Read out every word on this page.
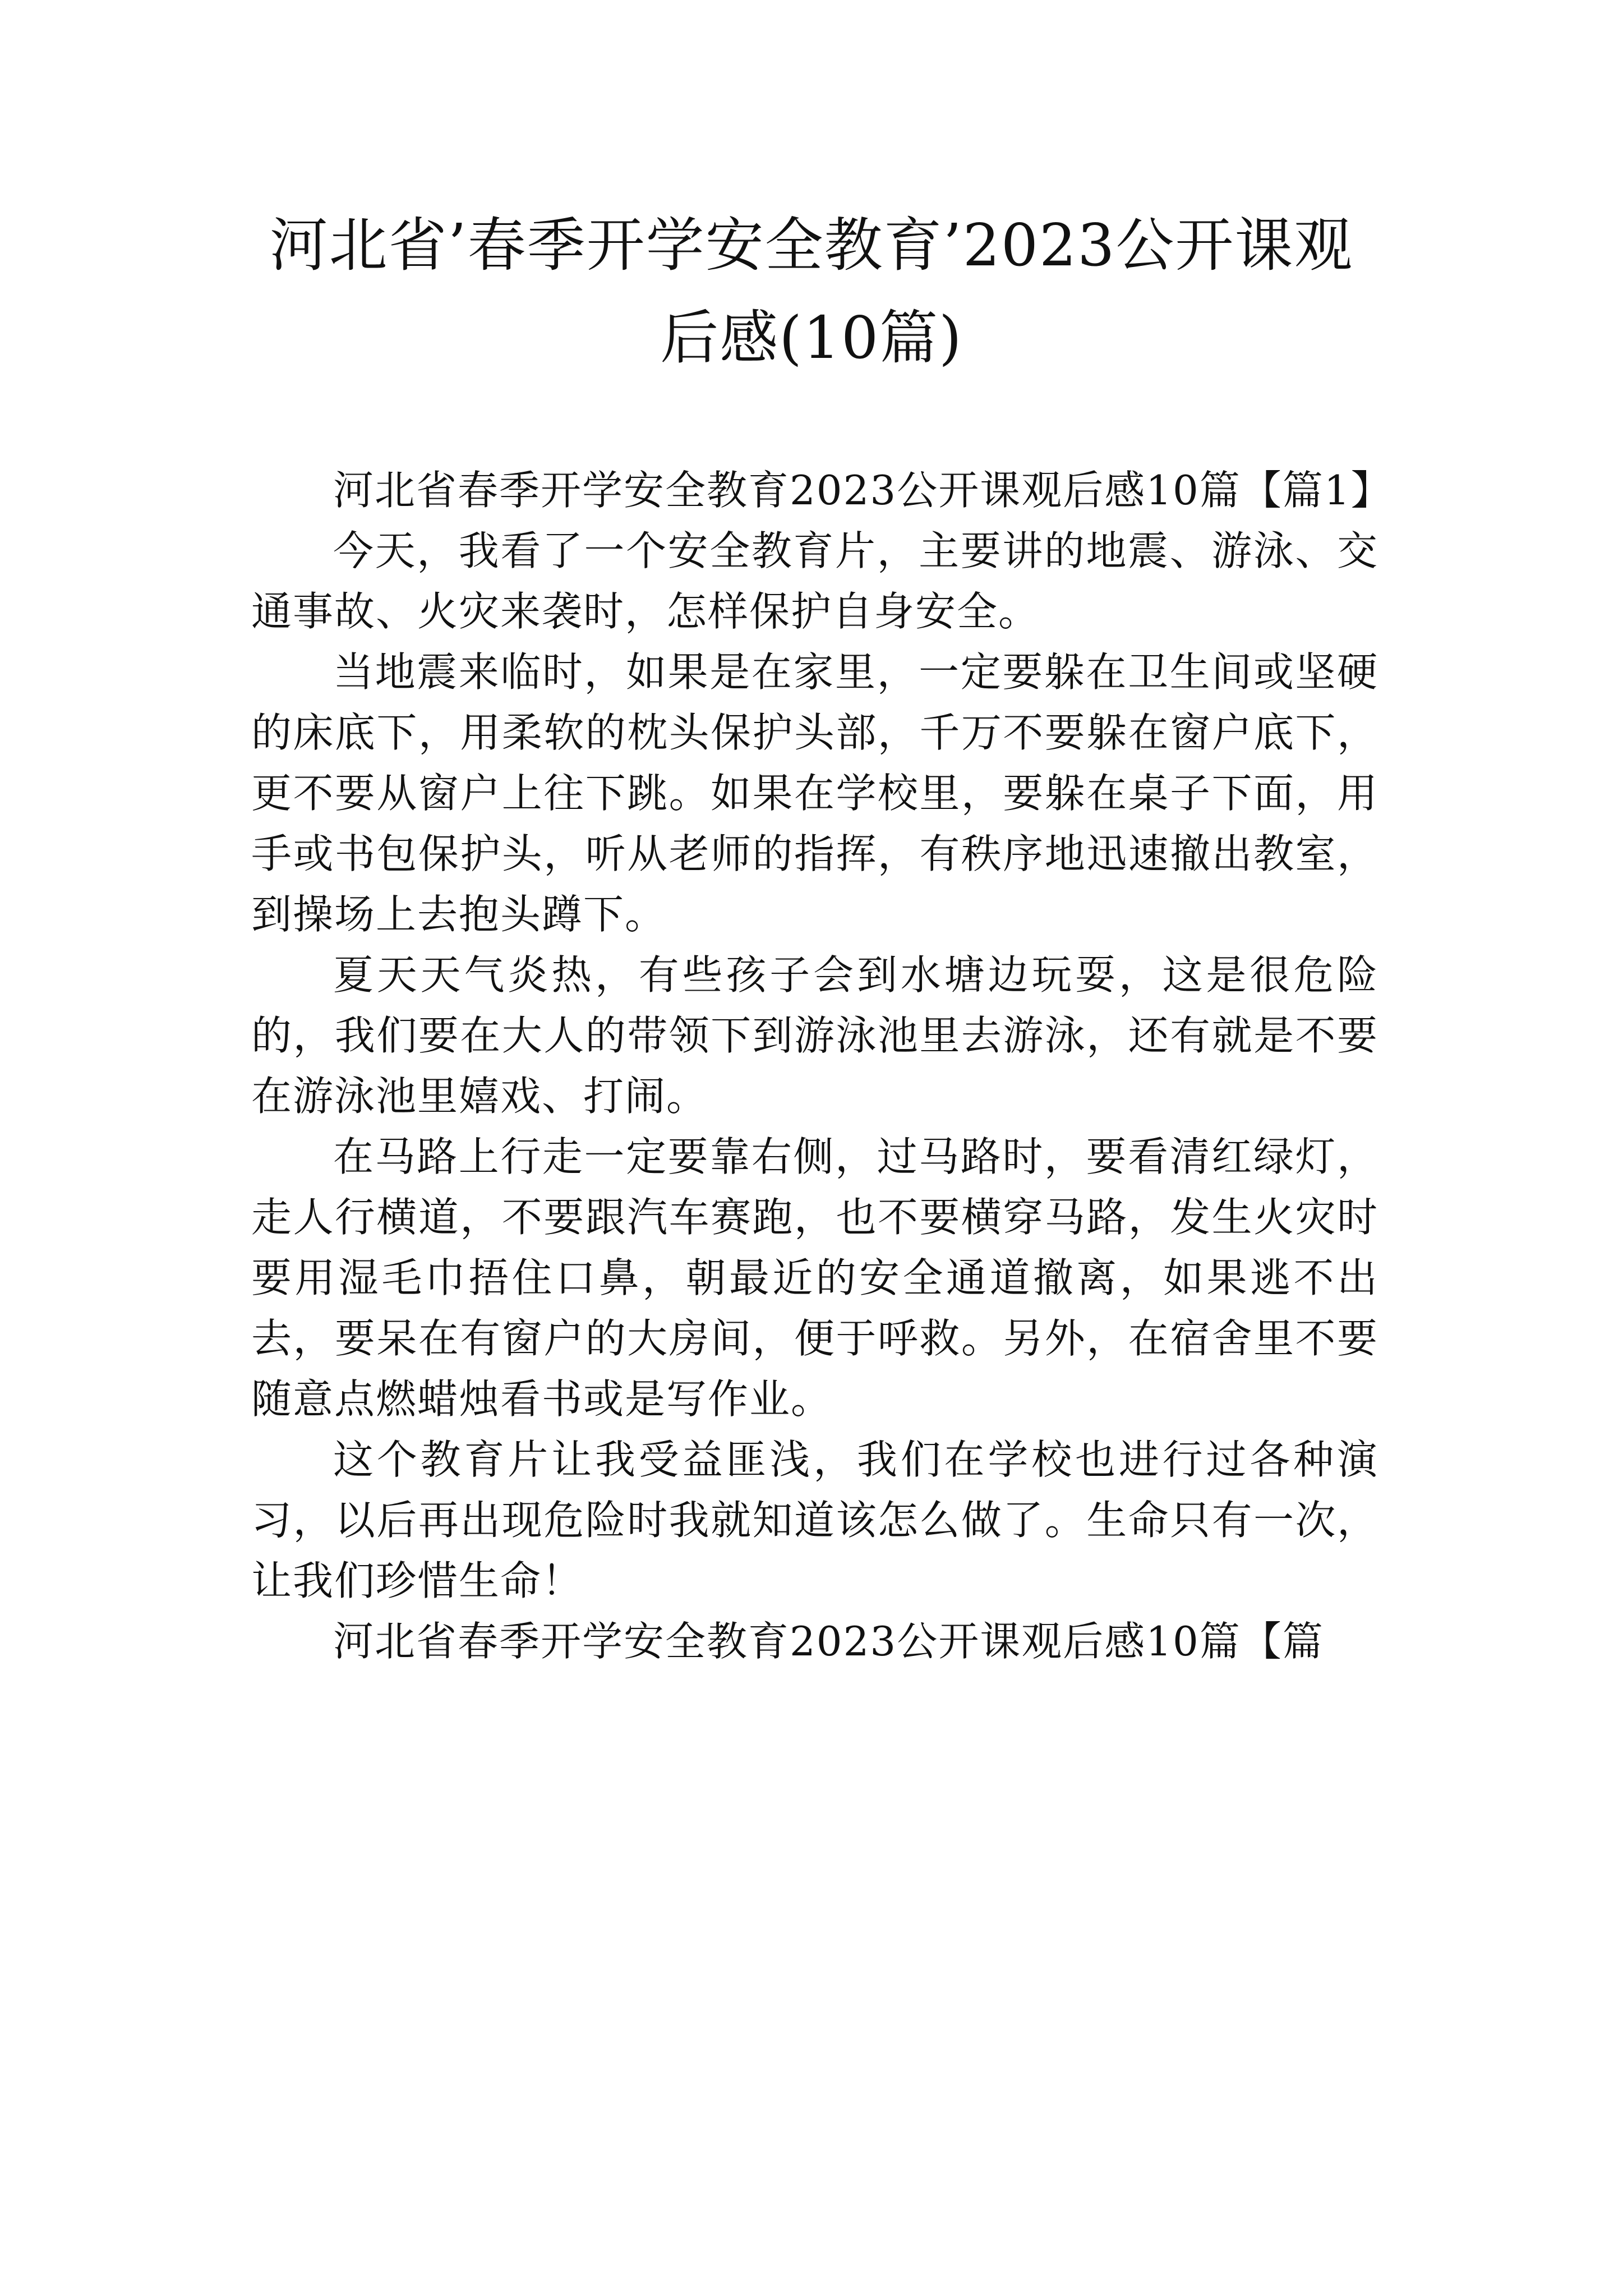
河北省’春季开学安全教育’2023公开课观
后感(10篇)

河北省春季开学安全教育2023公开课观后感10篇【篇1】

今天，我看了一个安全教育片，主要讲的地震、游泳、交通事故、火灾来袭时，怎样保护自身安全。

当地震来临时，如果是在家里，一定要躲在卫生间或坚硬的床底下，用柔软的枕头保护头部，千万不要躲在窗户底下，更不要从窗户上往下跳。如果在学校里，要躲在桌子下面，用手或书包保护头，听从老师的指挥，有秩序地迅速撤出教室，到操场上去抱头蹲下。

夏天天气炎热，有些孩子会到水塘边玩耍，这是很危险的，我们要在大人的带领下到游泳池里去游泳，还有就是不要在游泳池里嬉戏、打闹。

在马路上行走一定要靠右侧，过马路时，要看清红绿灯，走人行横道，不要跟汽车赛跑，也不要横穿马路，发生火灾时要用湿毛巾捂住口鼻，朝最近的安全通道撤离，如果逃不出去，要呆在有窗户的大房间，便于呼救。另外，在宿舍里不要随意点燃蜡烛看书或是写作业。

这个教育片让我受益匪浅，我们在学校也进行过各种演习，以后再出现危险时我就知道该怎么做了。生命只有一次，让我们珍惜生命！

河北省春季开学安全教育2023公开课观后感10篇【篇
